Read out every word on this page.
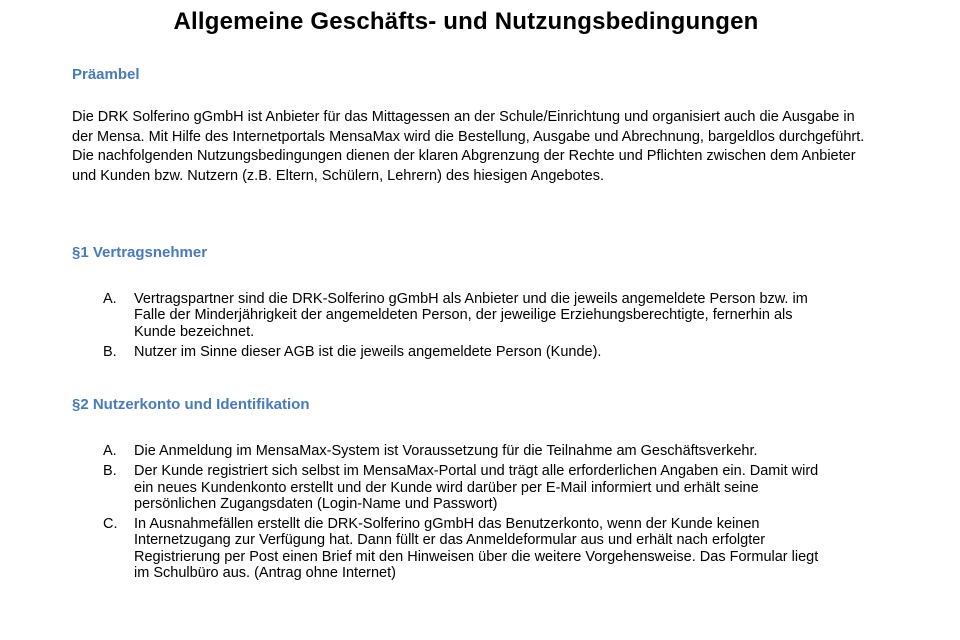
Allgemeine Geschäfts- und Nutzungsbedingungen
Präambel

Die DRK Solferino gGmbH ist Anbieter für das Mittagessen an der Schule/Einrichtung und organisiert auch die Ausgabe in der Mensa. Mit Hilfe des Internetportals MensaMax wird die Bestellung, Ausgabe und Abrechnung, bargeldlos durchgeführt. Die nachfolgenden Nutzungsbedingungen dienen der klaren Abgrenzung der Rechte und Pflichten zwischen dem Anbieter und Kunden bzw. Nutzern (z.B. Eltern, Schülern, Lehrern) des hiesigen Angebotes.

§1 Vertragsnehmer
A. Vertragspartner sind die DRK-Solferino gGmbH als Anbieter und die jeweils angemeldete Person bzw. im Falle der Minderjährigkeit der angemeldeten Person, der jeweilige Erziehungsberechtigte, fernerhin als Kunde bezeichnet.
B. Nutzer im Sinne dieser AGB ist die jeweils angemeldete Person (Kunde).
§2 Nutzerkonto und Identifikation
A. Die Anmeldung im MensaMax-System ist Voraussetzung für die Teilnahme am Geschäftsverkehr.
B. Der Kunde registriert sich selbst im MensaMax-Portal und trägt alle erforderlichen Angaben ein. Damit wird ein neues Kundenkonto erstellt und der Kunde wird darüber per E-Mail informiert und erhält seine persönlichen Zugangsdaten (Login-Name und Passwort)
C. In Ausnahmefällen erstellt die DRK-Solferino gGmbH das Benutzerkonto, wenn der Kunde keinen Internetzugang zur Verfügung hat. Dann füllt er das Anmeldeformular aus und erhält nach erfolgter Registrierung per Post einen Brief mit den Hinweisen über die weitere Vorgehensweise. Das Formular liegt im Schulbüro aus. (Antrag ohne Internet)
